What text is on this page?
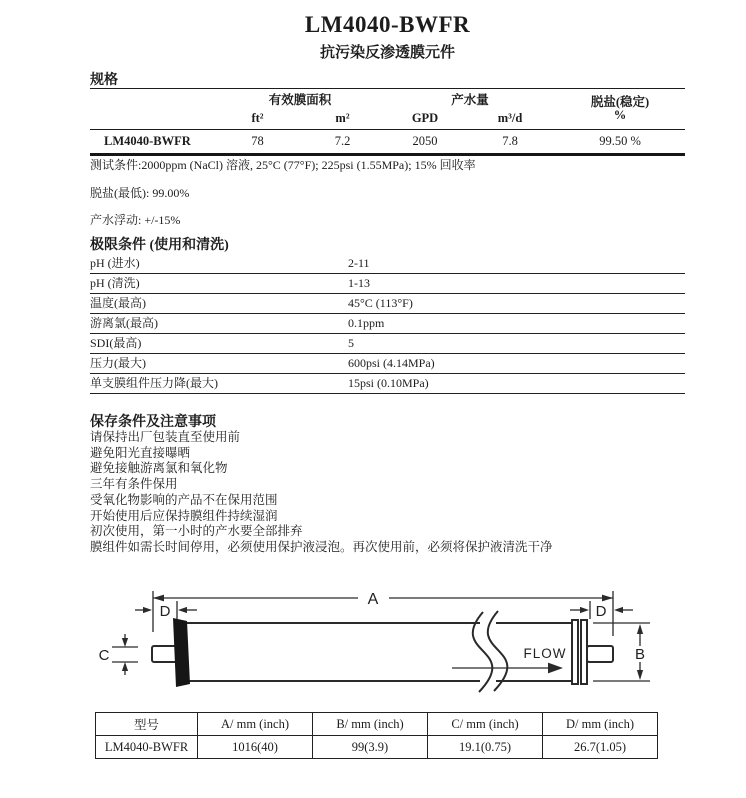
LM4040-BWFR
抗污染反渗透膜元件
规格
	有效膜面积		产水量		脱盐(稳定)
%

	ft²	m²	GPD	m³/d	
LM4040-BWFR	78	7.2	2050	7.8	99.50 %
测试条件:2000ppm (NaCl) 溶液, 25°C (77°F); 225psi (1.55MPa); 15% 回收率
脱盐(最低): 99.00%
产水浮动: +/-15%
极限条件 (使用和清洗)
pH (进水)	2-11
pH (清洗)	1-13
温度(最高)	45°C (113°F)
游离氯(最高)	0.1ppm
SDI(最高)	5
压力(最大)	600psi (4.14MPa)
单支膜组件压力降(最大)	15psi (0.10MPa)
保存条件及注意事项
请保持出厂包装直至使用前
避免阳光直接曝晒
避免接触游离氯和氧化物
三年有条件保用
受氧化物影响的产品不在保用范围
开始使用后应保持膜组件持续湿润
初次使用，第一小时的产水要全部排弃
膜组件如需长时间停用，必须使用保护液浸泡。再次使用前，必须将保护液清洗干净
A
D	D
C	B
FLOW
型号	A/ mm (inch)	B/ mm (inch)	C/ mm (inch)	D/ mm (inch)
LM4040-BWFR	1016(40)	99(3.9)	19.1(0.75)	26.7(1.05)
